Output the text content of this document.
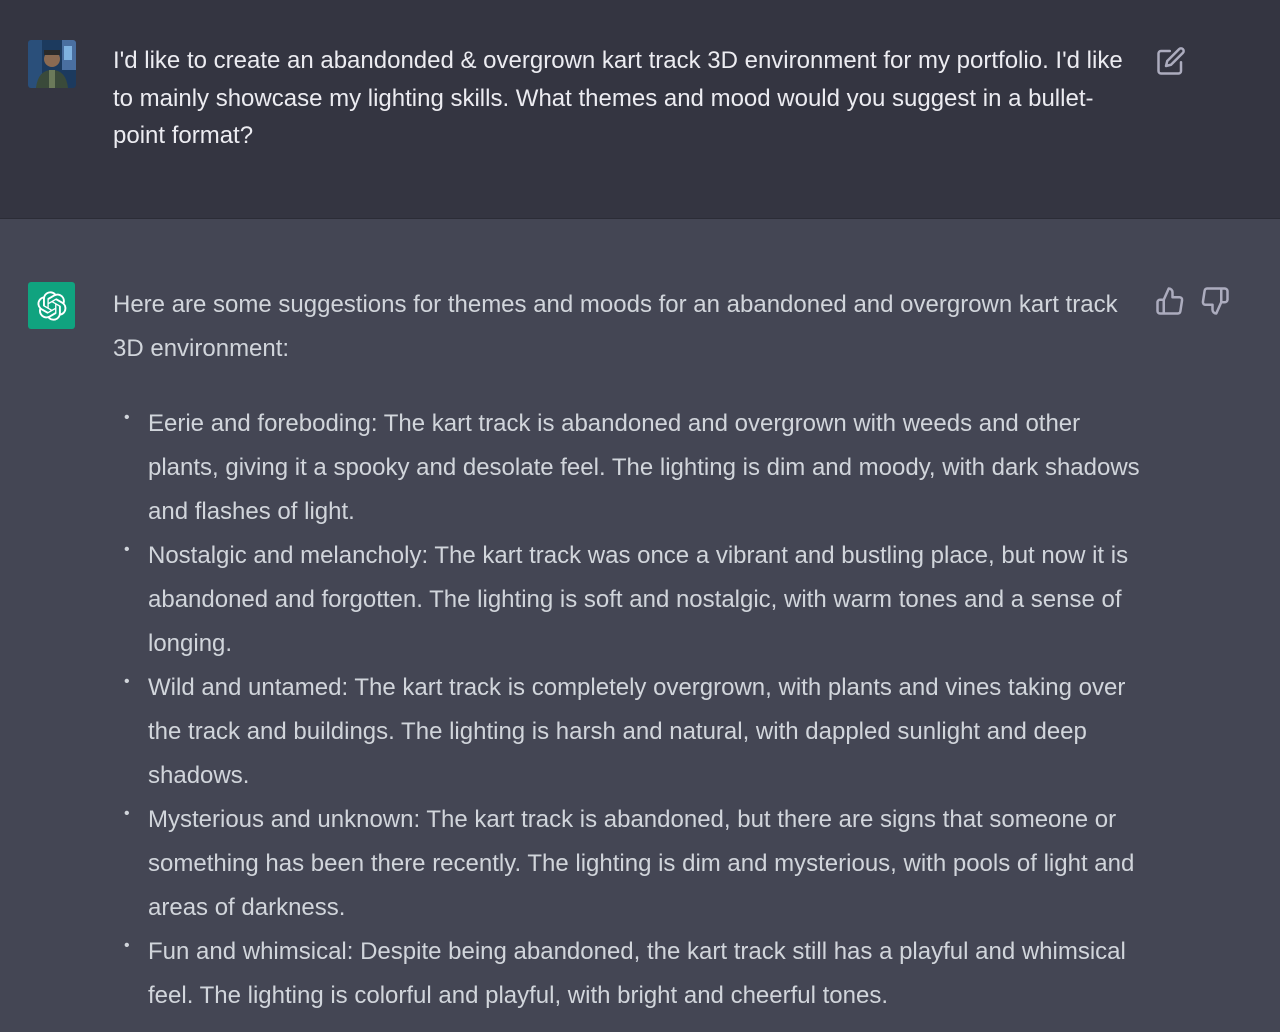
I'd like to create an abandonded & overgrown kart track 3D environment for my portfolio. I'd like to mainly showcase my lighting skills. What themes and mood would you suggest in a bullet-point format?
Here are some suggestions for themes and moods for an abandoned and overgrown kart track 3D environment:
• Eerie and foreboding: The kart track is abandoned and overgrown with weeds and other plants, giving it a spooky and desolate feel. The lighting is dim and moody, with dark shadows and flashes of light.
• Nostalgic and melancholy: The kart track was once a vibrant and bustling place, but now it is abandoned and forgotten. The lighting is soft and nostalgic, with warm tones and a sense of longing.
• Wild and untamed: The kart track is completely overgrown, with plants and vines taking over the track and buildings. The lighting is harsh and natural, with dappled sunlight and deep shadows.
• Mysterious and unknown: The kart track is abandoned, but there are signs that someone or something has been there recently. The lighting is dim and mysterious, with pools of light and areas of darkness.
• Fun and whimsical: Despite being abandoned, the kart track still has a playful and whimsical feel. The lighting is colorful and playful, with bright and cheerful tones.
